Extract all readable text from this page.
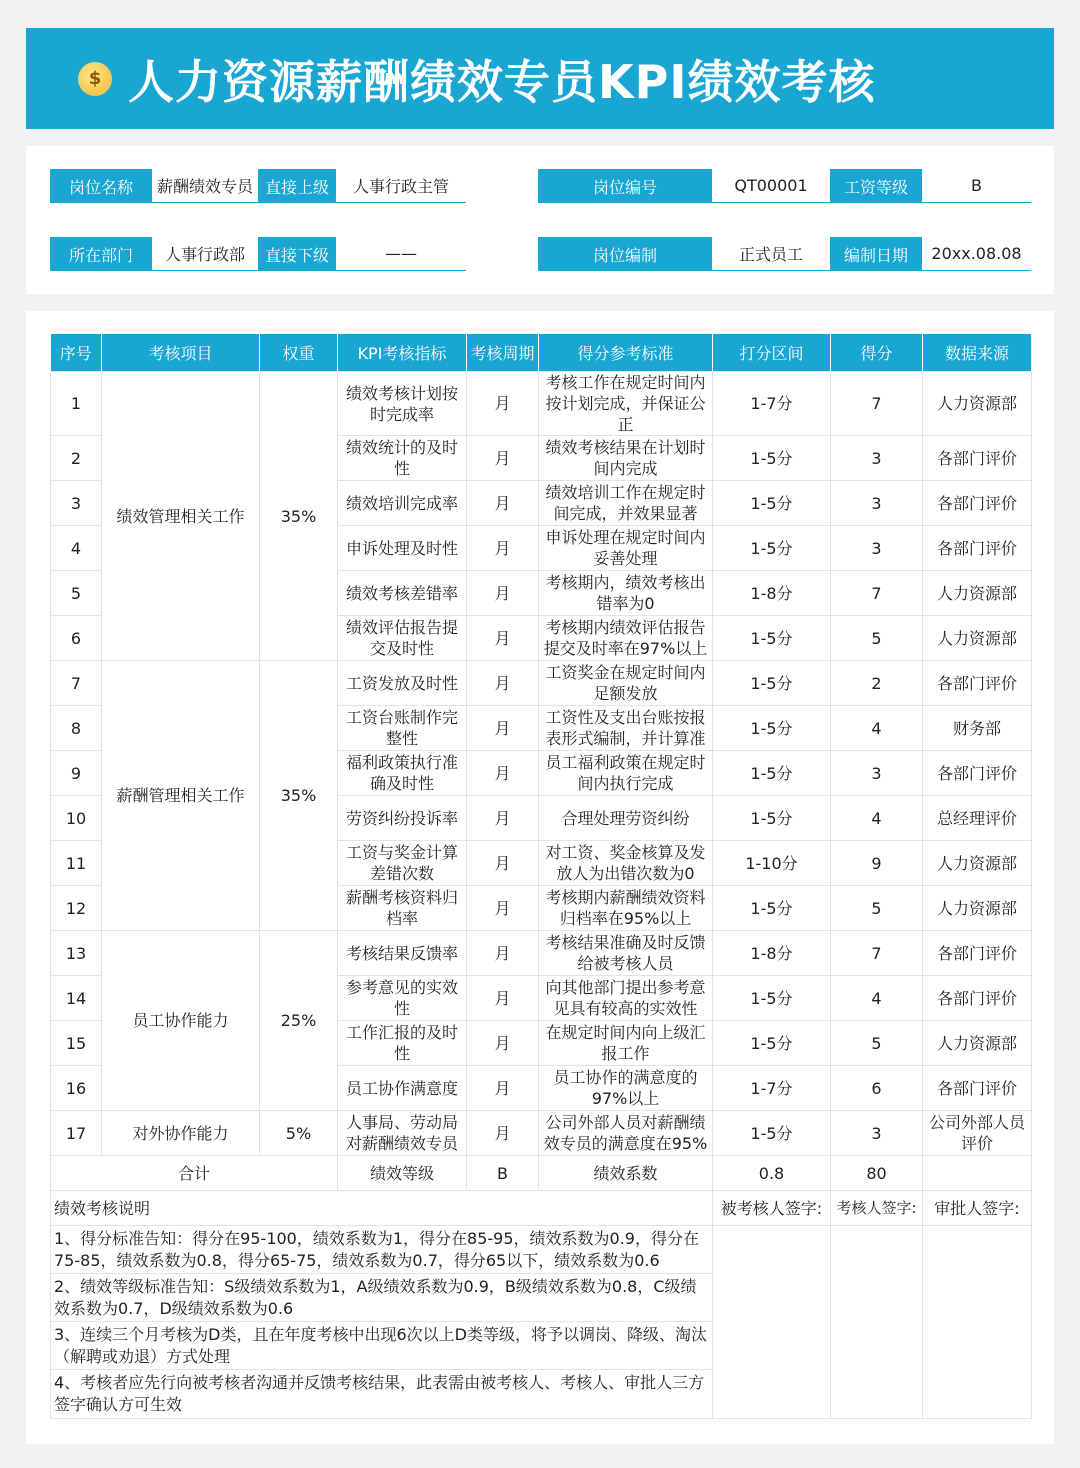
$ 人力资源薪酬绩效专员KPI绩效考核
岗位名称	薪酬绩效专员 直接上级	人事行政主管	岗位编号	QT00001	工资等级	B
所在部门	人事行政部	直接下级	——	岗位编制	正式员工	编制日期	20xx.08.08
序号	考核项目	权重	KPI考核指标	考核周期	得分参考标准	打分区间	得分	数据来源
1	绩效管理相关工作	35%	绩效考核计划按时完成率	月	考核工作在规定时间内按计划完成，并保证公正	1-7分	7	人力资源部
2			绩效统计的及时性	月	绩效考核结果在计划时间内完成	1-5分	3	各部门评价
3			绩效培训完成率	月	绩效培训工作在规定时间完成，并效果显著	1-5分	3	各部门评价
4			申诉处理及时性	月	申诉处理在规定时间内妥善处理	1-5分	3	各部门评价
5			绩效考核差错率	月	考核期内，绩效考核出错率为0	1-8分	7	人力资源部
6			绩效评估报告提交及时性	月	考核期内绩效评估报告提交及时率在97%以上	1-5分	5	人力资源部
7	薪酬管理相关工作	35%	工资发放及时性	月	工资奖金在规定时间内足额发放	1-5分	2	各部门评价
8			工资台账制作完整性	月	工资性及支出台账按报表形式编制，并计算准	1-5分	4	财务部
9			福利政策执行准确及时性	月	员工福利政策在规定时间内执行完成	1-5分	3	各部门评价
10			劳资纠纷投诉率	月	合理处理劳资纠纷	1-5分	4	总经理评价
11			工资与奖金计算差错次数	月	对工资、奖金核算及发放人为出错次数为0	1-10分	9	人力资源部
12			薪酬考核资料归档率	月	考核期内薪酬绩效资料归档率在95%以上	1-5分	5	人力资源部
13	员工协作能力	25%	考核结果反馈率	月	考核结果准确及时反馈给被考核人员	1-8分	7	各部门评价
14			参考意见的实效性	月	向其他部门提出参考意见具有较高的实效性	1-5分	4	各部门评价
15			工作汇报的及时性	月	在规定时间内向上级汇报工作	1-5分	5	人力资源部
16			员工协作满意度	月	员工协作的满意度的97%以上	1-7分	6	各部门评价
17	对外协作能力	5%	人事局、劳动局对薪酬绩效专员	月	公司外部人员对薪酬绩效专员的满意度在95%	1-5分	3	公司外部人员评价
合计			绩效等级	B	绩效系数	0.8	80	
绩效考核说明						被考核人签字:	考核人签字:	审批人签字:

1、得分标准告知：得分在95-100，绩效系数为1，得分在85-95，绩效系数为0.9，得分在75-85，绩效系数为0.8，得分65-75，绩效系数为0.7，得分65以下，绩效系数为0.6
2、绩效等级标准告知：S级绩效系数为1，A级绩效系数为0.9，B级绩效系数为0.8，C级绩效系数为0.7，D级绩效系数为0.6
3、连续三个月考核为D类，且在年度考核中出现6次以上D类等级，将予以调岗、降级、淘汰（解聘或劝退）方式处理
4、考核者应先行向被考核者沟通并反馈考核结果，此表需由被考核人、考核人、审批人三方签字确认方可生效								
